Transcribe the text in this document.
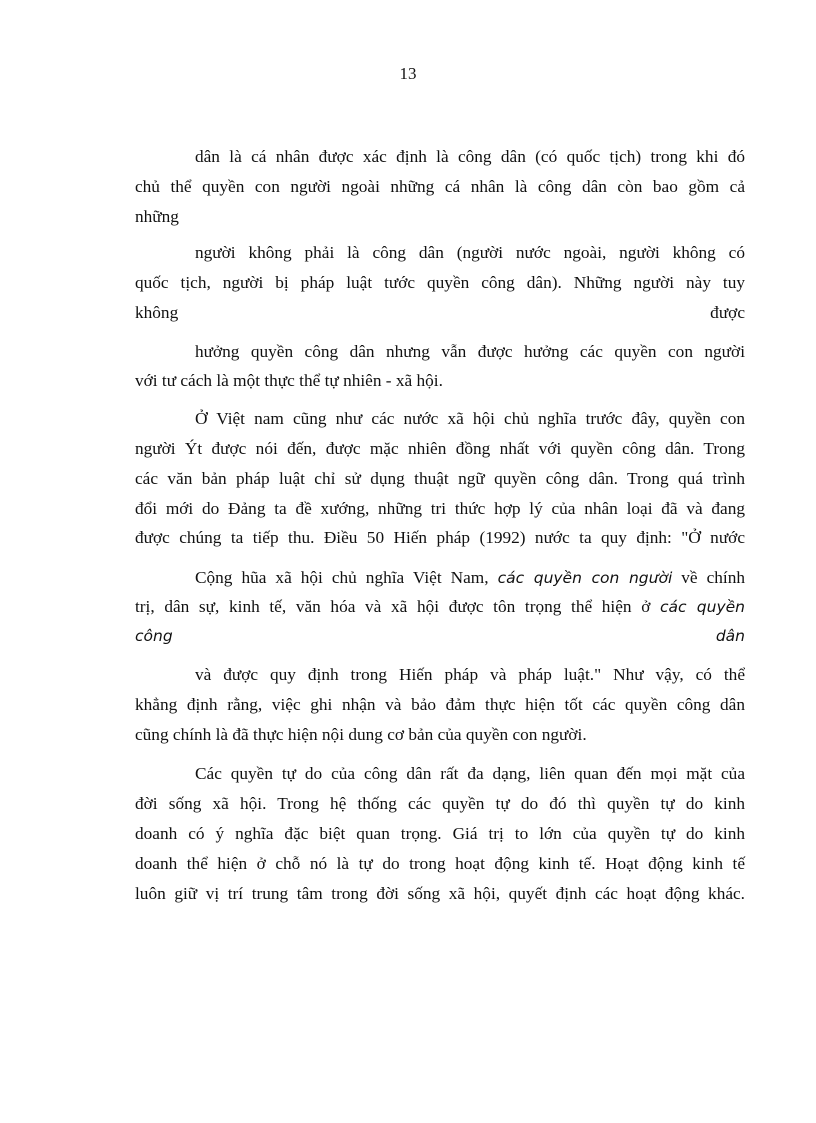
13
dân là cá nhân được xác định là công dân (có quốc tịch) trong khi đó
chủ thể quyền con người ngoài những cá nhân là công dân còn bao gồm cả
những
người không phải là công dân (người nước ngoài, người không có
quốc tịch, người bị pháp luật tước quyền công dân). Những người này tuy
không được
hưởng quyền công dân nhưng vẫn được hưởng các quyền con người
với tư cách là một thực thể tự nhiên - xã hội.
Ở Việt nam cũng như các nước xã hội chủ nghĩa trước đây, quyền con
người Ýt được nói đến, được mặc nhiên đồng nhất với quyền công dân. Trong
các văn bản pháp luật chỉ sử dụng thuật ngữ quyền công dân. Trong quá trình
đổi mới do Đảng ta đề xướng, những tri thức hợp lý của nhân loại đã và đang
được chúng ta tiếp thu. Điều 50 Hiến pháp (1992) nước ta quy định: "Ở nước
Cộng hũa xã hội chủ nghĩa Việt Nam, các quyền con người về chính
trị, dân sự, kinh tế, văn hóa và xã hội được tôn trọng thể hiện ở các quyền
công dân
và được quy định trong Hiến pháp và pháp luật." Như vậy, có thể
khẳng định rằng, việc ghi nhận và bảo đảm thực hiện tốt các quyền công dân
cũng chính là đã thực hiện nội dung cơ bản của quyền con người.
Các quyền tự do của công dân rất đa dạng, liên quan đến mọi mặt của
đời sống xã hội. Trong hệ thống các quyền tự do đó thì quyền tự do kinh
doanh có ý nghĩa đặc biệt quan trọng. Giá trị to lớn của quyền tự do kinh
doanh thể hiện ở chỗ nó là tự do trong hoạt động kinh tế. Hoạt động kinh tế
luôn giữ vị trí trung tâm trong đời sống xã hội, quyết định các hoạt động khác.
